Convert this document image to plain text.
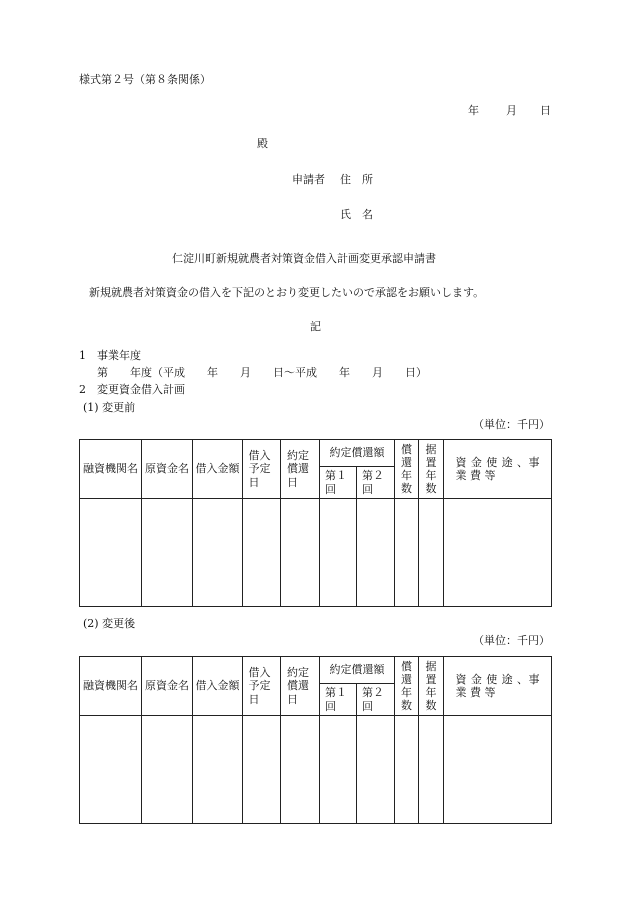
様式第２号（第８条関係）
年 月 日
殿
申請者 住　所
氏　名
仁淀川町新規就農者対策資金借入計画変更承認申請書
新規就農者対策資金の借入を下記のとおり変更したいので承認をお願いします。
記
1　事業年度
第　　年度（平成　　年　　月　　日～平成　　年　　月　　日）
2　変更資金借入計画
(1) 変更前
（単位：千円）
融資機関名	原資金名	借入金額	借入予定日	約定償還日	約定償還額		償還年数	据置年数	資 金 使 途 、事 業 費 等
					第１回	第２回			

(2) 変更後
（単位：千円）
融資機関名	原資金名	借入金額	借入予定日	約定償還日	約定償還額		償還年数	据置年数	資 金 使 途 、事 業 費 等
					第１回	第２回			
